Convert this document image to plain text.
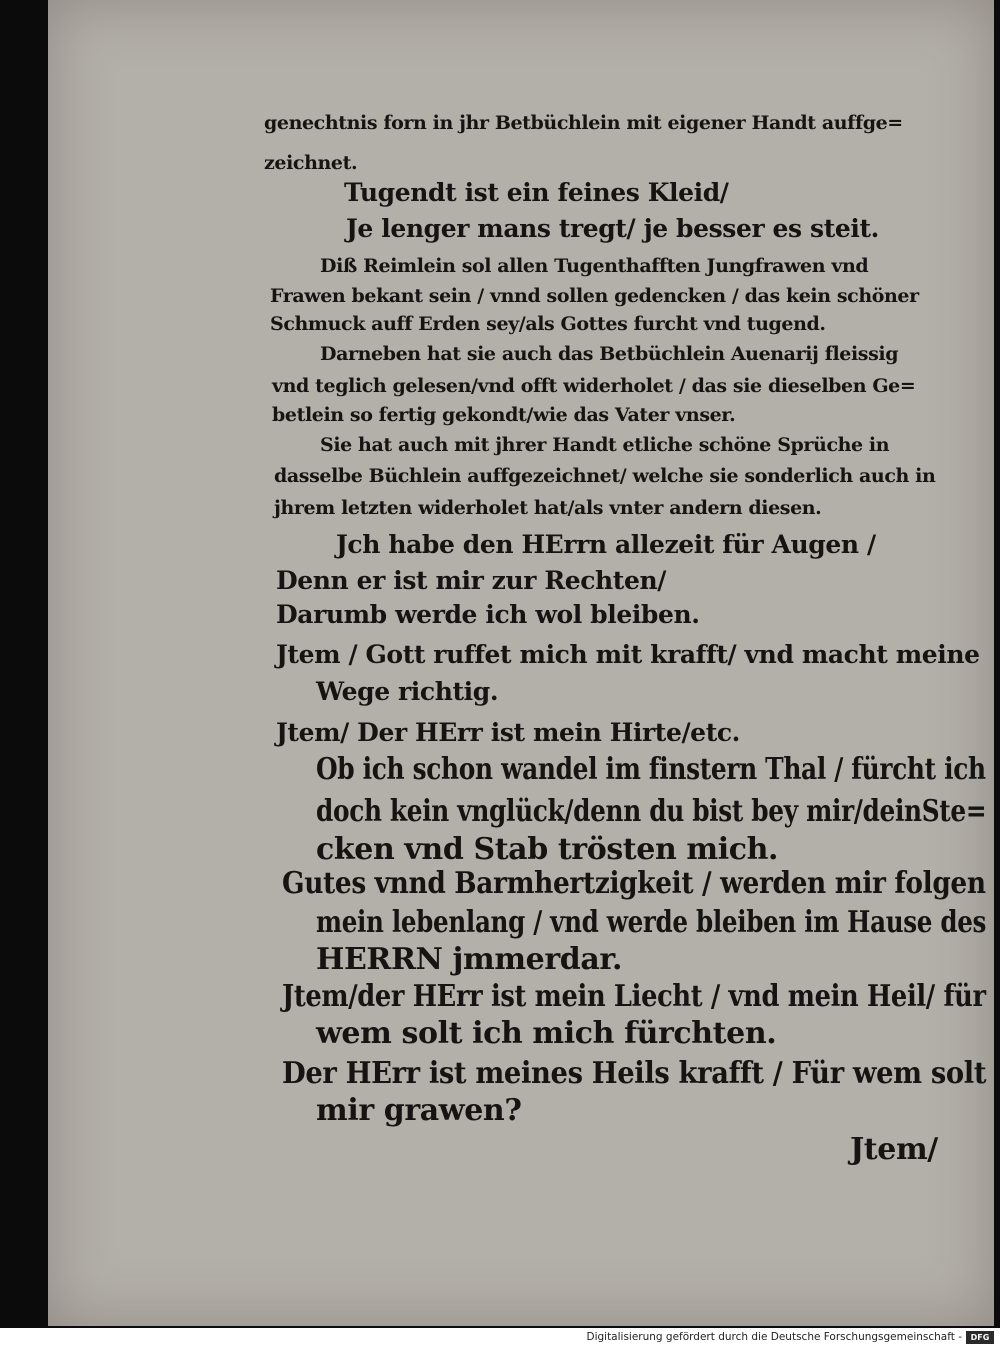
genechtnis forn in jhr Betbüchlein mit eigener Handt auffge=
zeichnet.
Tugendt ist ein feines Kleid/
Je lenger mans tregt/ je besser es steit.
Diß Reimlein sol allen Tugenthafften Jungfrawen vnd
Frawen bekant sein / vnnd sollen gedencken / das kein schöner
Schmuck auff Erden sey/als Gottes furcht vnd tugend.
Darneben hat sie auch das Betbüchlein Auenarij fleissig
vnd teglich gelesen/vnd offt widerholet / das sie dieselben Ge=
betlein so fertig gekondt/wie das Vater vnser.
Sie hat auch mit jhrer Handt etliche schöne Sprüche in
dasselbe Büchlein auffgezeichnet/ welche sie sonderlich auch in
jhrem letzten widerholet hat/als vnter andern diesen.
Jch habe den HErrn allezeit für Augen /
Denn er ist mir zur Rechten/
Darumb werde ich wol bleiben.
Jtem / Gott ruffet mich mit krafft/ vnd macht meine
Wege richtig.
Jtem/ Der HErr ist mein Hirte/etc.
Ob ich schon wandel im finstern Thal / fürcht ich
doch kein vnglück/denn du bist bey mir/deinSte=
cken vnd Stab trösten mich.
Gutes vnnd Barmhertzigkeit / werden mir folgen
mein lebenlang / vnd werde bleiben im Hause des
HERRN jmmerdar.
Jtem/der HErr ist mein Liecht / vnd mein Heil/ für
wem solt ich mich fürchten.
Der HErr ist meines Heils krafft / Für wem solt
mir grawen?
Jtem/
Digitalisierung gefördert durch die Deutsche Forschungsgemeinschaft -	DFG
